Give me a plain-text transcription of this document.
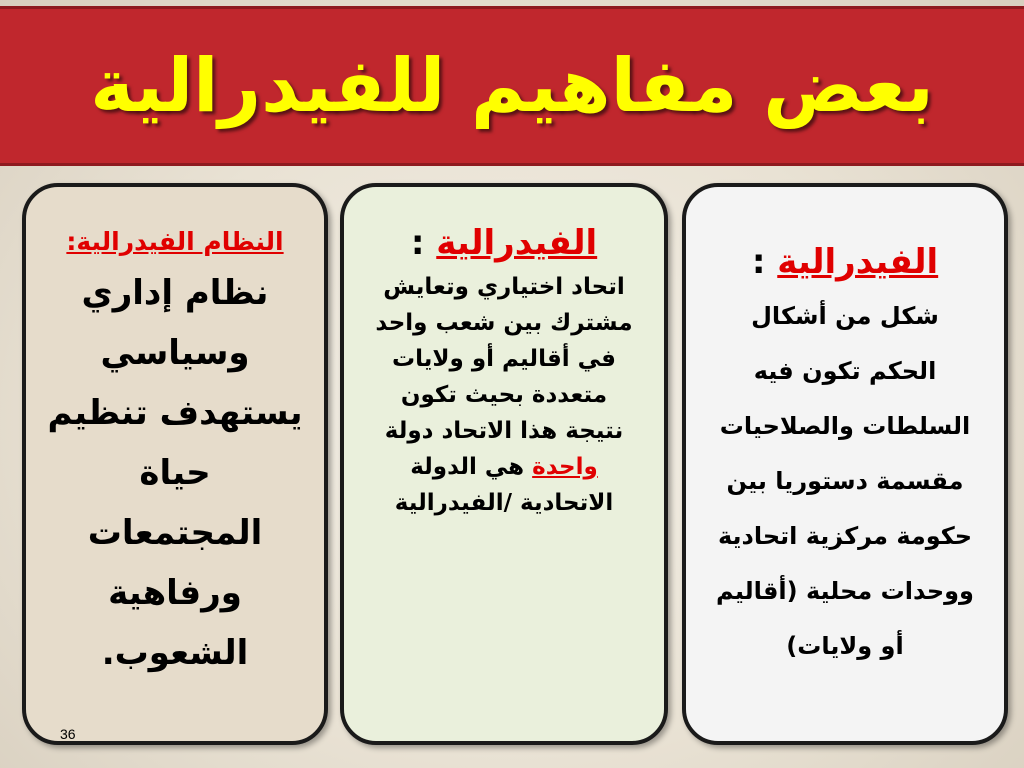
بعض مفاهيم للفيدرالية
النظام الفيدرالية:
نظام إداري
وسياسي
يستهدف تنظيم
حياة
المجتمعات
ورفاهية
الشعوب.
الفيدرالية :
اتحاد اختياري وتعايش
مشترك بين شعب واحد
في أقاليم أو ولايات
متعددة بحيث تكون
نتيجة هذا الاتحاد دولة
واحدة هي الدولة
الاتحادية /الفيدرالية
الفيدرالية :
شكل من أشكال
الحكم تكون فيه
السلطات والصلاحيات
مقسمة دستوريا بين
حكومة مركزية اتحادية
ووحدات محلية (أقاليم
أو ولايات)
36
